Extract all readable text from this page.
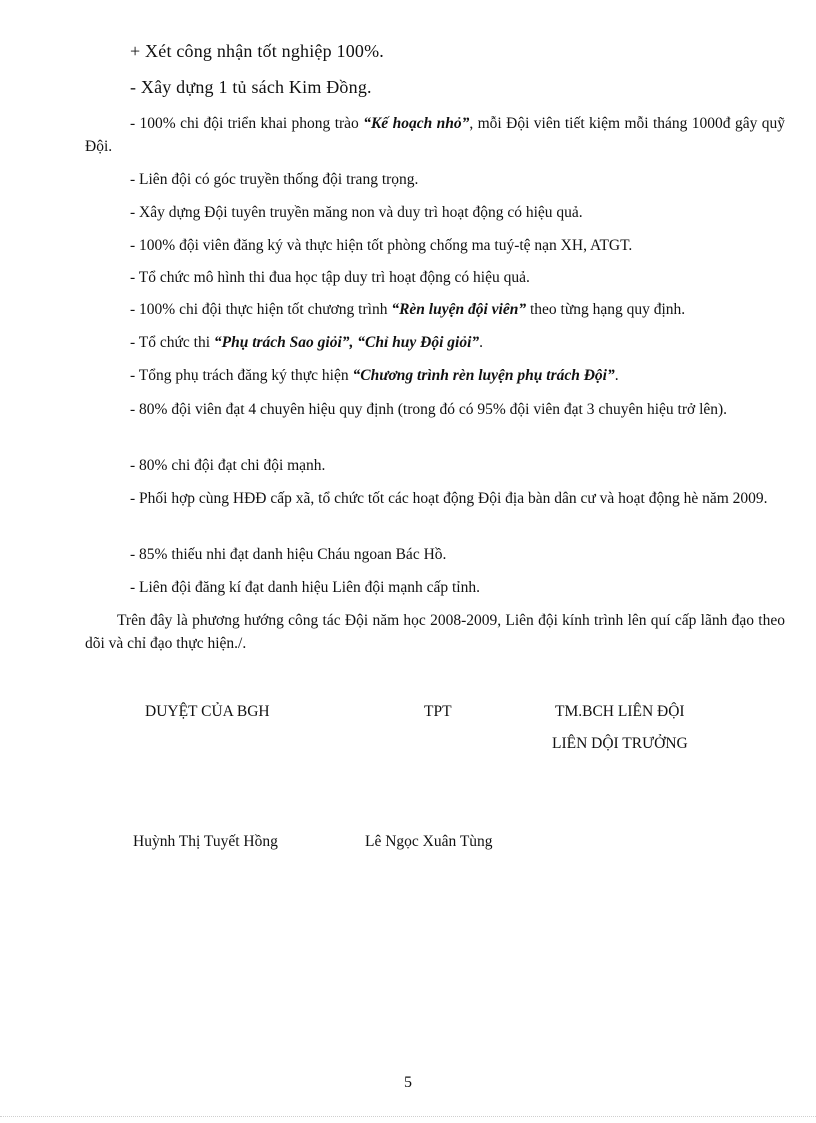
+ Xét công nhận tốt nghiệp 100%.
- Xây dựng 1 tủ sách Kim Đồng.
- 100% chi đội triển khai phong trào “Kế hoạch nhỏ”, mỗi Đội viên tiết kiệm mỗi tháng 1000đ gây quỹ Đội.
- Liên đội có góc truyền thống đội trang trọng.
- Xây dựng Đội tuyên truyền măng non và duy trì hoạt động có hiệu quả.
- 100% đội viên đăng ký và thực hiện tốt phòng chống ma tuý-tệ nạn XH, ATGT.
- Tổ chức mô hình thi đua học tập duy trì hoạt động có hiệu quả.
- 100% chi đội thực hiện tốt chương trình “Rèn luyện đội viên” theo từng hạng quy định.
- Tổ chức thi “Phụ trách Sao giỏi”, “Chỉ huy Đội giỏi”.
- Tổng phụ trách đăng ký thực hiện “Chương trình rèn luyện phụ trách Đội”.
- 80% đội viên đạt 4 chuyên hiệu quy định (trong đó có 95% đội viên đạt 3 chuyên hiệu trở lên).
- 80% chi đội đạt chi đội mạnh.
- Phối hợp cùng HĐĐ cấp xã, tổ chức tốt các hoạt động Đội địa bàn dân cư và hoạt động hè năm 2009.
- 85% thiếu nhi đạt danh hiệu Cháu ngoan Bác Hồ.
- Liên đội đăng kí đạt danh hiệu Liên đội mạnh cấp tỉnh.
Trên đây là phương hướng công tác Đội năm học 2008-2009, Liên đội kính trình lên quí cấp lãnh đạo theo dõi và chỉ đạo thực hiện./.
DUYỆT CỦA BGH	TPT	TM.BCH LIÊN ĐỘI
LIÊN DỘI TRƯỞNG
Huỳnh Thị Tuyết Hồng	Lê Ngọc Xuân Tùng
5
